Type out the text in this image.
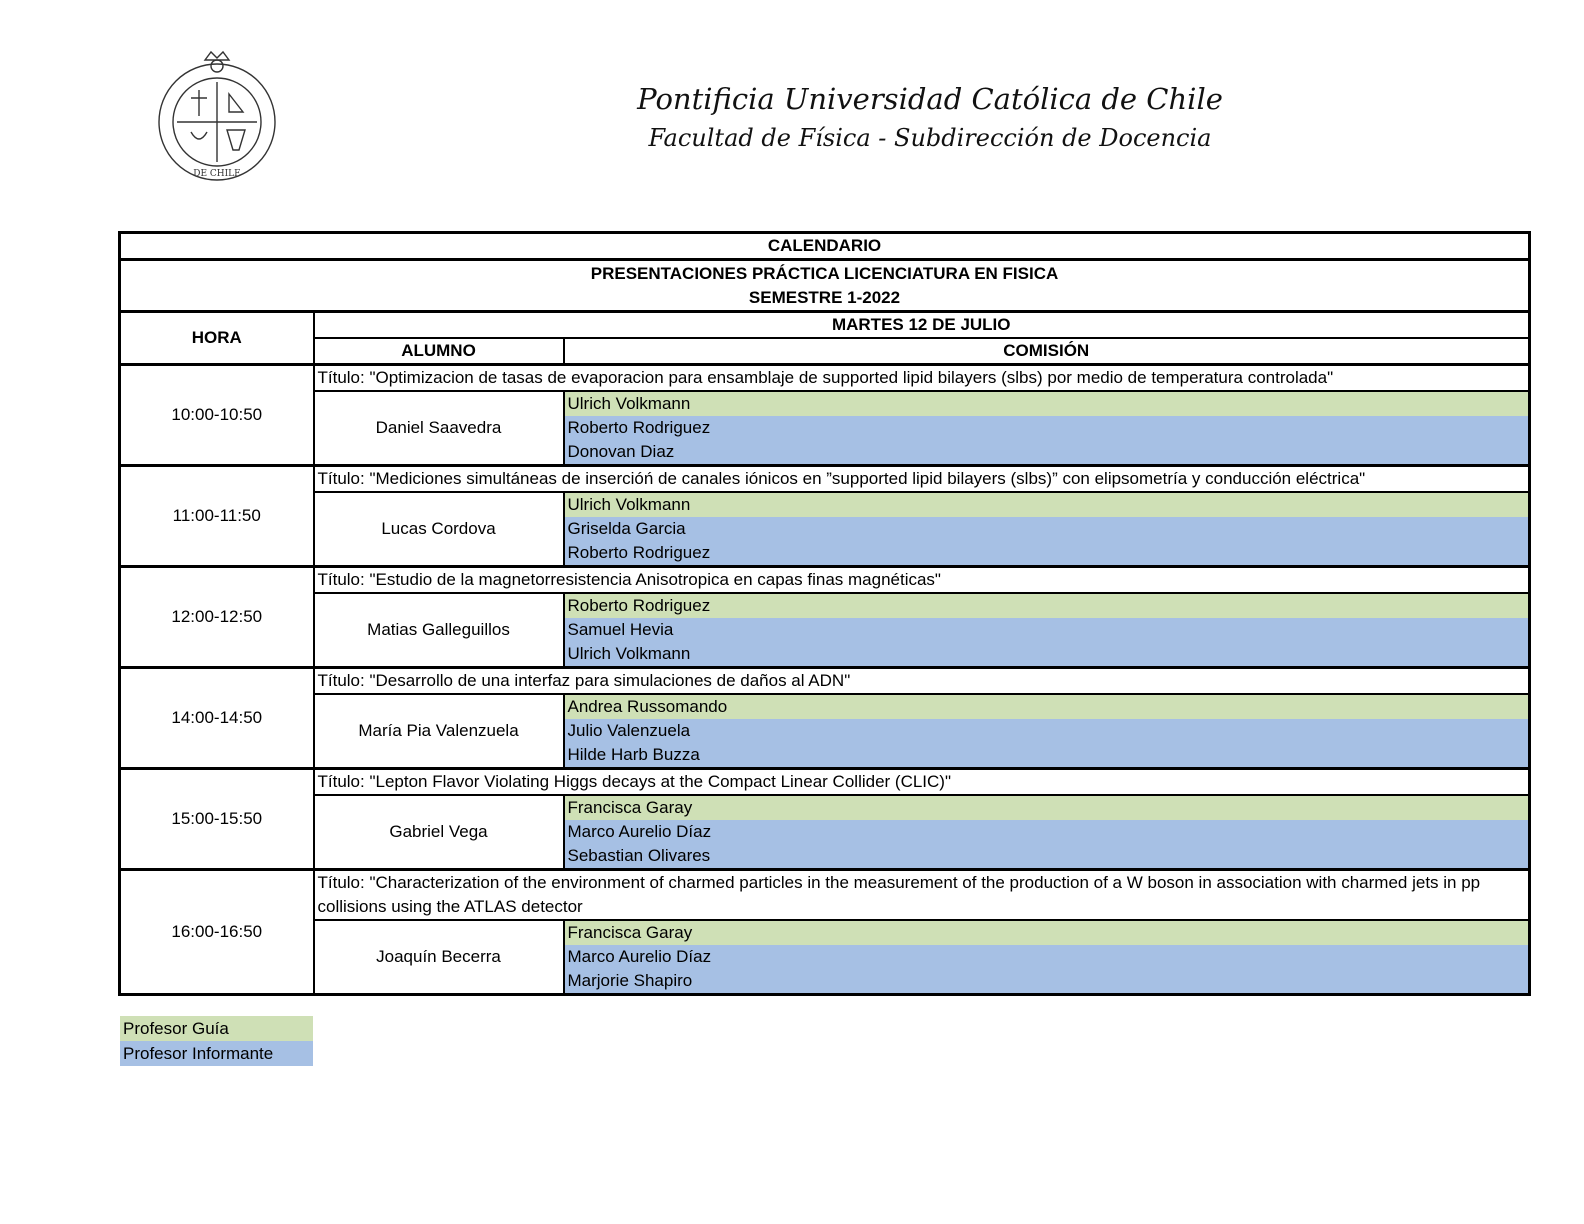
DE CHILE
Pontificia Universidad Católica de Chile
Facultad de Física - Subdirección de Docencia
CALENDARIO		
PRESENTACIONES PRÁCTICA LICENCIATURA EN FISICA		
SEMESTRE 1-2022		
HORA	MARTES 12 DE JULIO	
	ALUMNO	COMISIÓN
10:00-10:50	Título: "Optimizacion de tasas de evaporacion para ensamblaje de supported lipid bilayers (slbs) por medio de temperatura controlada"	
	Daniel Saavedra	Ulrich Volkmann
		Roberto Rodriguez
		Donovan Diaz
11:00-11:50	Título: "Mediciones simultáneas de insercióń de canales iónicos en ”supported lipid bilayers (slbs)” con elipsometría y conducción eléctrica"	
	Lucas Cordova	Ulrich Volkmann
		Griselda Garcia
		Roberto Rodriguez
12:00-12:50	Título: "Estudio de la magnetorresistencia Anisotropica en capas finas magnéticas"	
	Matias Galleguillos	Roberto Rodriguez
		Samuel Hevia
		Ulrich Volkmann
14:00-14:50	Título: "Desarrollo de una interfaz para simulaciones de daños al ADN"	
	María Pia Valenzuela	Andrea Russomando
		Julio Valenzuela
		Hilde Harb Buzza
15:00-15:50	Título: "Lepton Flavor Violating Higgs decays at the Compact Linear Collider (CLIC)"	
	Gabriel Vega	Francisca Garay
		Marco Aurelio Díaz
		Sebastian Olivares
16:00-16:50	Título: "Characterization of the environment of charmed particles in the measurement of the production of a W boson in association with charmed jets in pp collisions using the ATLAS detector	
	Joaquín Becerra	Francisca Garay
		Marco Aurelio Díaz
		Marjorie Shapiro
Profesor Guía
Profesor Informante
